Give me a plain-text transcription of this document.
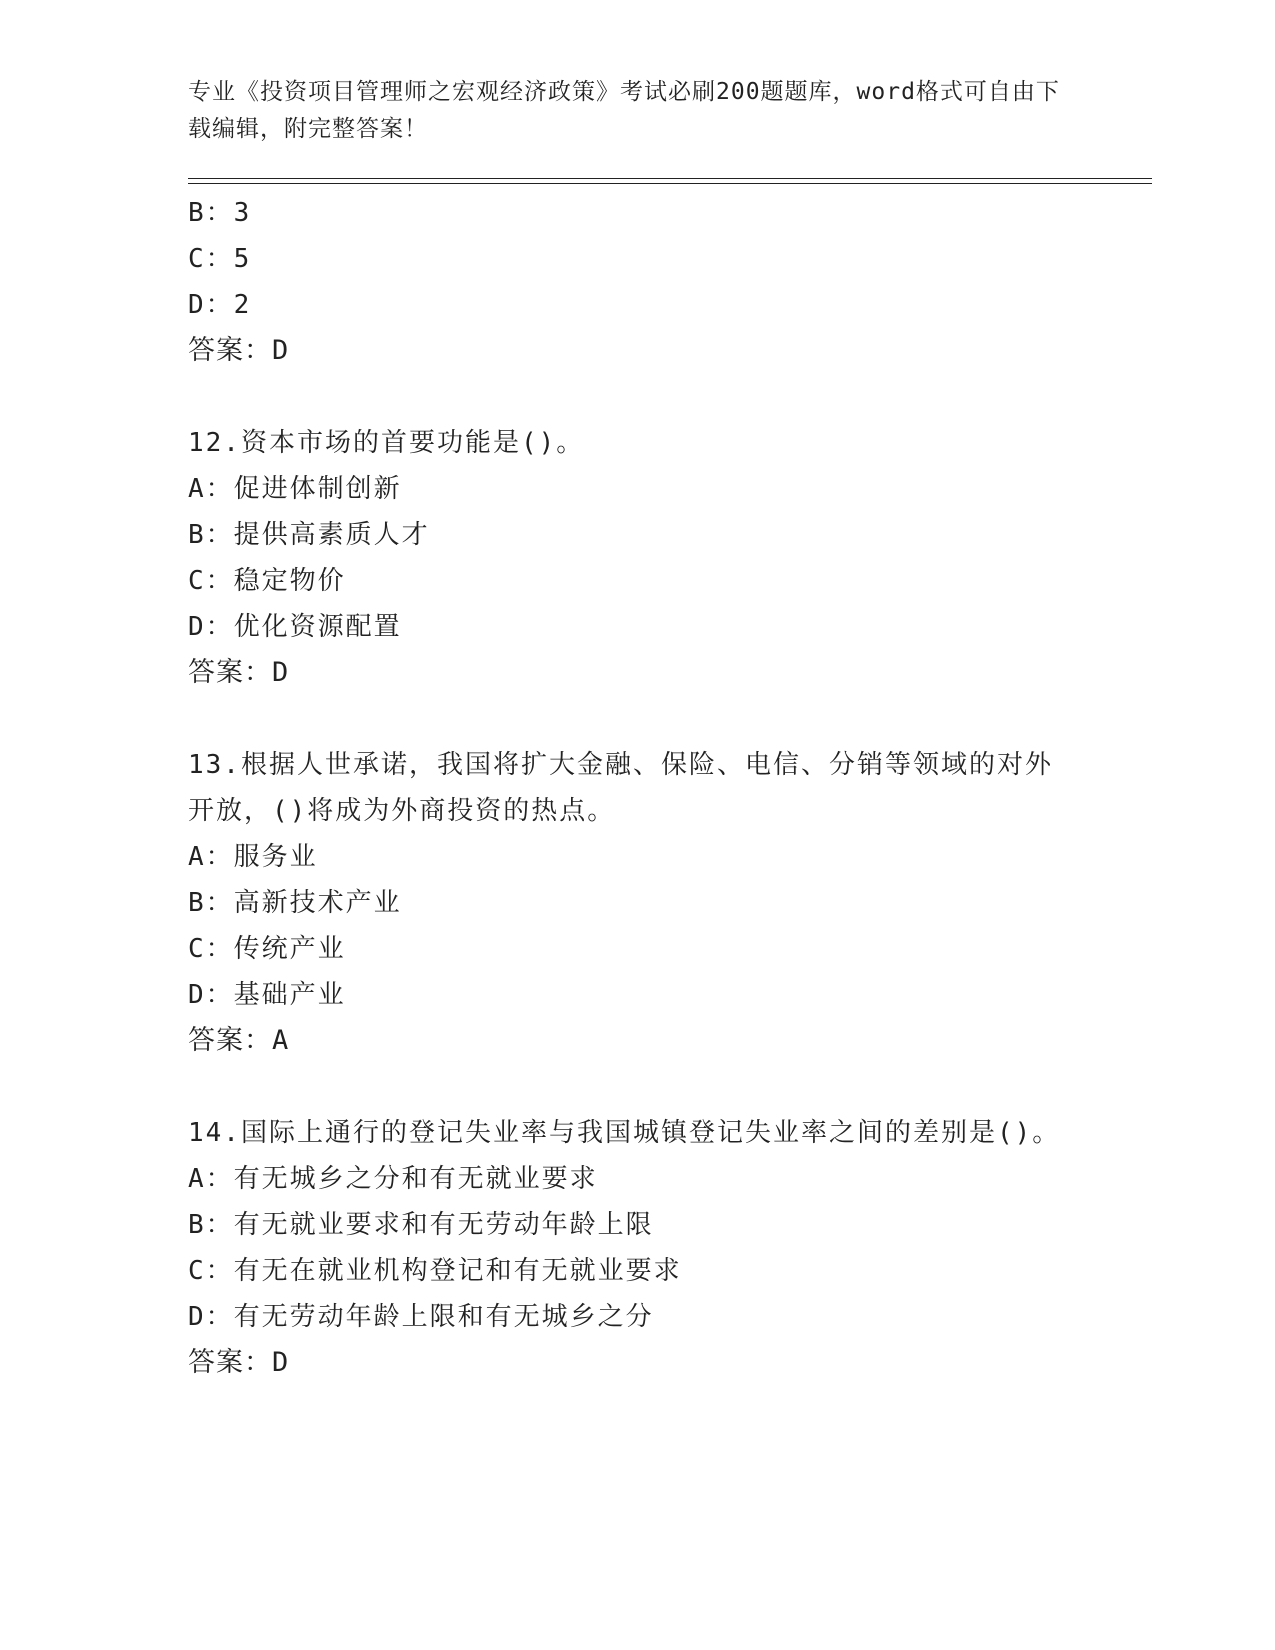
专业《投资项目管理师之宏观经济政策》考试必刷200题题库，word格式可自由下载编辑，附完整答案！
B：3
C：5
D：2
答案：D
12.资本市场的首要功能是()。
A：促进体制创新
B：提供高素质人才
C：稳定物价
D：优化资源配置
答案：D
13.根据人世承诺，我国将扩大金融、保险、电信、分销等领域的对外
开放，()将成为外商投资的热点。
A：服务业
B：高新技术产业
C：传统产业
D：基础产业
答案：A
14.国际上通行的登记失业率与我国城镇登记失业率之间的差别是()。
A：有无城乡之分和有无就业要求
B：有无就业要求和有无劳动年龄上限
C：有无在就业机构登记和有无就业要求
D：有无劳动年龄上限和有无城乡之分
答案：D
